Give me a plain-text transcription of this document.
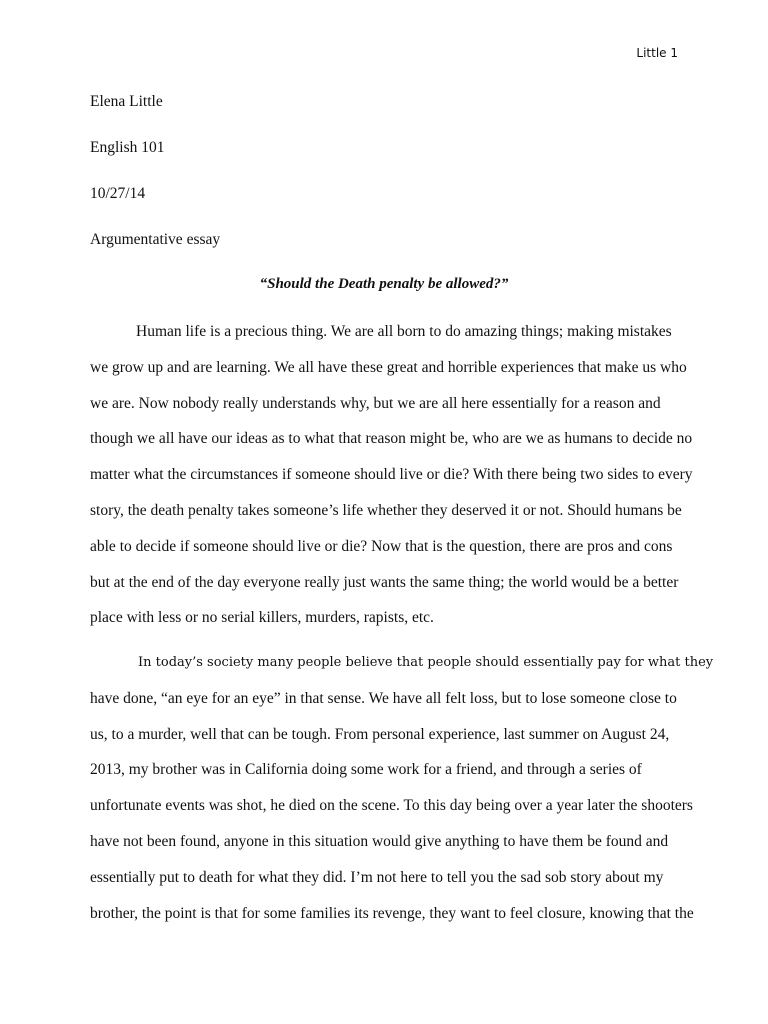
Little 1
Elena Little
English 101
10/27/14
Argumentative essay
“Should the Death penalty be allowed?”
Human life is a precious thing. We are all born to do amazing things; making mistakes
we grow up and are learning. We all have these great and horrible experiences that make us who
we are. Now nobody really understands why, but we are all here essentially for a reason and
though we all have our ideas as to what that reason might be, who are we as humans to decide no
matter what the circumstances if someone should live or die? With there being two sides to every
story, the death penalty takes someone’s life whether they deserved it or not. Should humans be
able to decide if someone should live or die? Now that is the question, there are pros and cons
but at the end of the day everyone really just wants the same thing; the world would be a better
place with less or no serial killers, murders, rapists, etc.
In today’s society many people believe that people should essentially pay for what they
have done, “an eye for an eye” in that sense. We have all felt loss, but to lose someone close to
us, to a murder, well that can be tough. From personal experience, last summer on August 24,
2013, my brother was in California doing some work for a friend, and through a series of
unfortunate events was shot, he died on the scene. To this day being over a year later the shooters
have not been found, anyone in this situation would give anything to have them be found and
essentially put to death for what they did. I’m not here to tell you the sad sob story about my
brother, the point is that for some families its revenge, they want to feel closure, knowing that the
